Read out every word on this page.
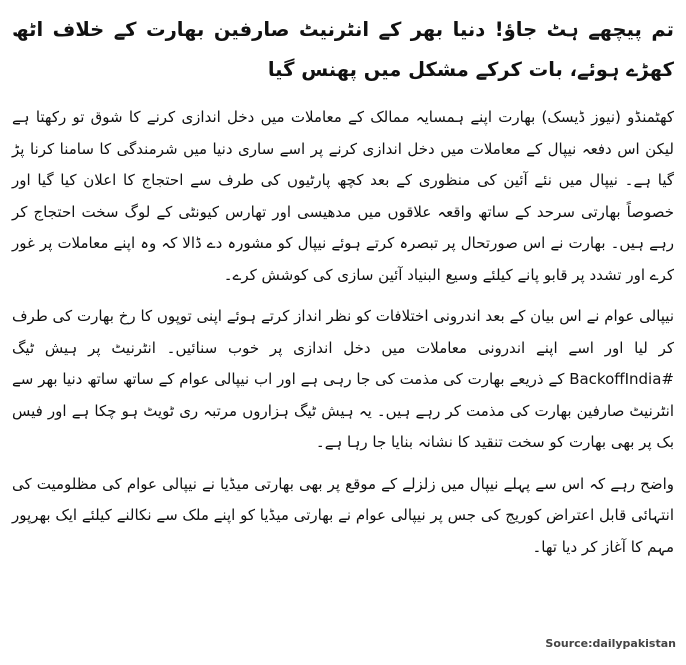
تم پیچھے ہٹ جاؤ! دنیا بھر کے انٹرنیٹ صارفین بھارت کے خلاف اٹھ کھڑے ہوئے، بات کرکے مشکل میں پھنس گیا

کھٹمنڈو (نیوز ڈیسک) بھارت اپنے ہمسایہ ممالک کے معاملات میں دخل اندازی کرنے کا شوق تو رکھتا ہے لیکن اس دفعہ نیپال کے معاملات میں دخل اندازی کرنے پر اسے ساری دنیا میں شرمندگی کا سامنا کرنا پڑ گیا ہے۔ نیپال میں نئے آئین کی منظوری کے بعد کچھ پارٹیوں کی طرف سے احتجاج کا اعلان کیا گیا اور خصوصاً بھارتی سرحد کے ساتھ واقعہ علاقوں میں مدھیسی اور تھارس کیونٹی کے لوگ سخت احتجاج کر رہے ہیں۔ بھارت نے اس صورتحال پر تبصرہ کرتے ہوئے نیپال کو مشورہ دے ڈالا کہ وہ اپنے معاملات پر غور کرے اور تشدد پر قابو پانے کیلئے وسیع البنیاد آئین سازی کی کوشش کرے۔

نیپالی عوام نے اس بیان کے بعد اندرونی اختلافات کو نظر انداز کرتے ہوئے اپنی توپوں کا رخ بھارت کی طرف کر لیا اور اسے اپنے اندرونی معاملات میں دخل اندازی پر خوب سنائیں۔ انٹرنیٹ پر ہیش ٹیگ #BackoffIndia کے ذریعے بھارت کی مذمت کی جا رہی ہے اور اب نیپالی عوام کے ساتھ ساتھ دنیا بھر سے انٹرنیٹ صارفین بھارت کی مذمت کر رہے ہیں۔ یہ ہیش ٹیگ ہزاروں مرتبہ ری ٹویٹ ہو چکا ہے اور فیس بک پر بھی بھارت کو سخت تنقید کا نشانہ بنایا جا رہا ہے۔

واضح رہے کہ اس سے پہلے نیپال میں زلزلے کے موقع پر بھی بھارتی میڈیا نے نیپالی عوام کی مظلومیت کی انتہائی قابل اعتراض کوریج کی جس پر نیپالی عوام نے بھارتی میڈیا کو اپنے ملک سے نکالنے کیلئے ایک بھرپور مہم کا آغاز کر دیا تھا۔

Source:dailypakistan
